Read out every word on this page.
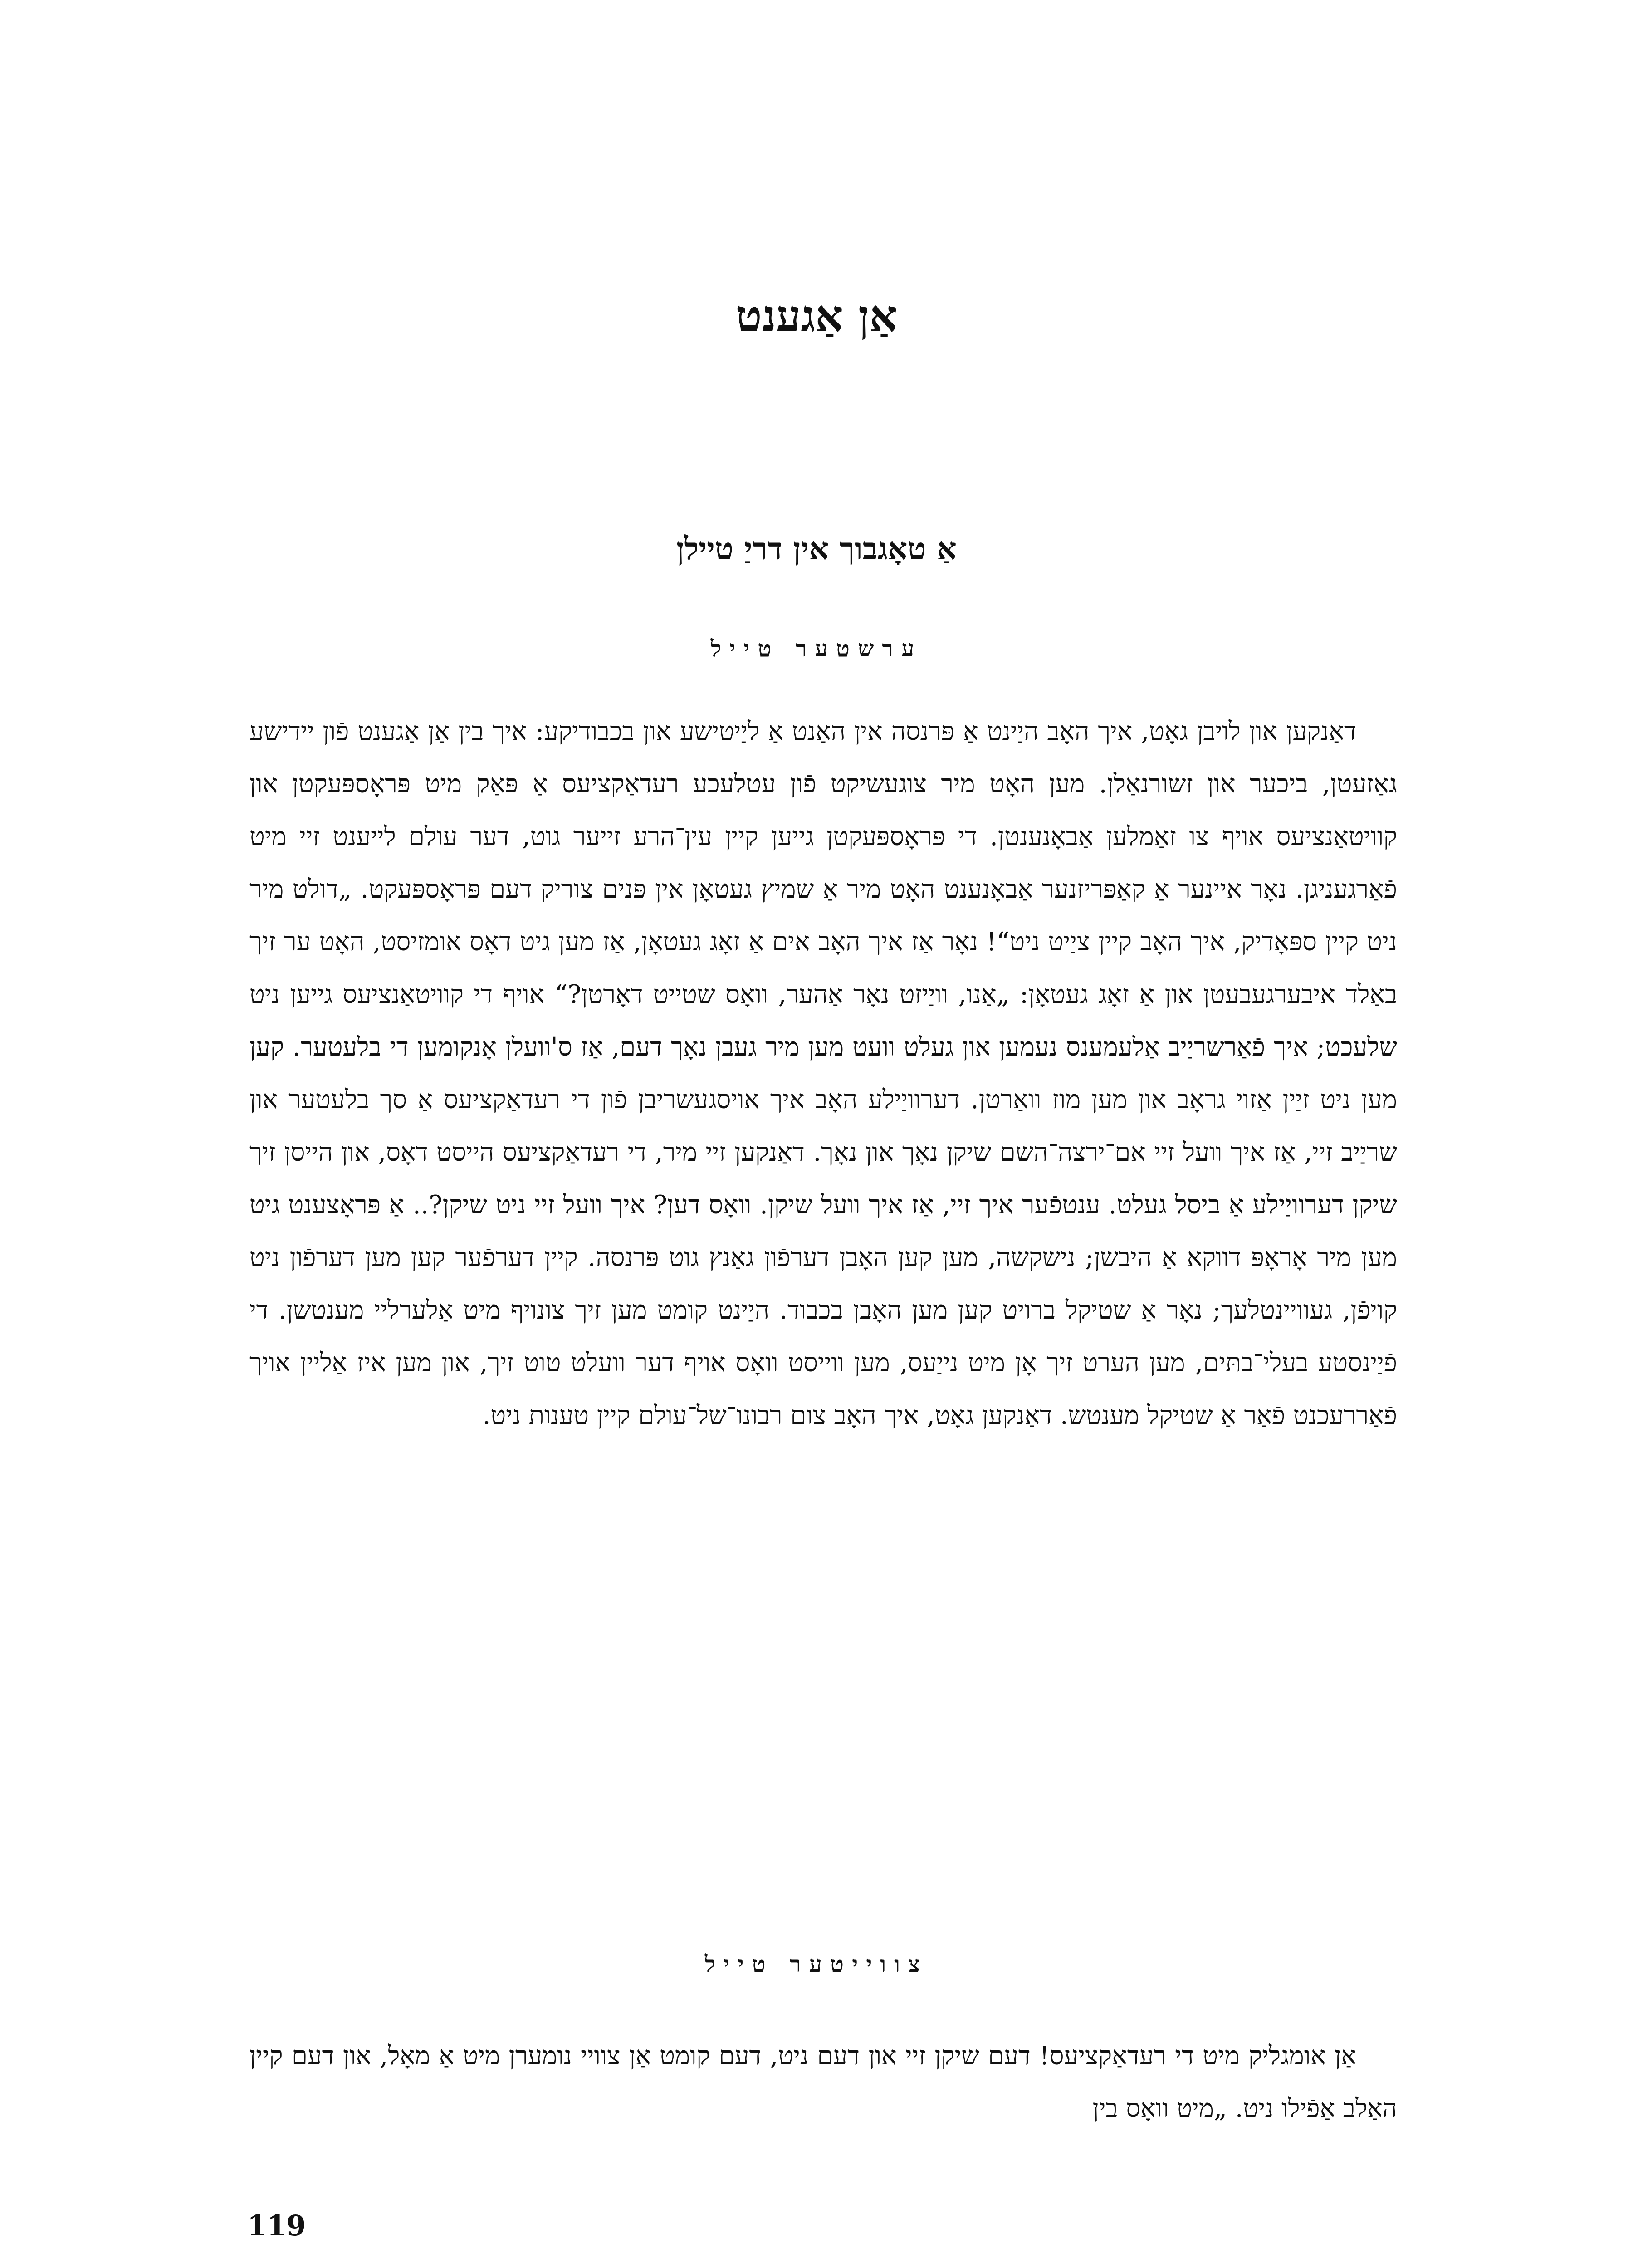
אַן אַגענט
אַ טאָגבוך אין דריַ טיילן
ערשטער טייל

דאַנקען און לויבן גאָט, איך האָב היַינט אַ פּרנסה אין האַנט אַ ליַיטישע און בכבודיקע: איך בין אַן אַגענט פֿון יידישע גאַזעטן, ביכער און זשורנאַלן. מען האָט מיר צוגעשיקט פֿון עטלעכע רעדאַקציעס אַ פּאַק מיט פּראָספּעקטן און קוויטאַנציעס אויף צו זאַמלען אַבאָנענטן. די פּראָספּעקטן גייען קיין עין־הרע זייער גוט, דער עולם לייענט זיי מיט פֿאַרגעניגן. נאָר איינער אַ קאַפּריזנער אַבאָנענט האָט מיר אַ שמיץ געטאָן אין פּנים צוריק דעם פּראָספּעקט. „דולט מיר ניט קיין ספּאָדיק, איך האָב קיין ציַיט ניט“! נאָר אַז איך האָב אים אַ זאָג געטאָן, אַז מען גיט דאָס אומזיסט, האָט ער זיך באַלד איבערגעבעטן און אַ זאָג געטאָן: „אַנו, וויַיזט נאָר אַהער, וואָס שטייט דאָרטן?“ אויף די קוויטאַנציעס גייען ניט שלעכט; איך פֿאַרשריַיב אַלעמענס נעמען און געלט וועט מען מיר געבן נאָך דעם, אַז ס'וועלן אָנקומען די בלעטער. קען מען ניט זיַין אַזוי גראָב און מען מוז וואַרטן. דערוויַילע האָב איך אויסגעשריבן פֿון די רעדאַקציעס אַ סך בלעטער און שריַיב זיי, אַז איך וועל זיי אם־ירצה־השם שיקן נאָך און נאָך. דאַנקען זיי מיר, די רעדאַקציעס הייסט דאָס, און הייסן זיך שיקן דערוויַילע אַ ביסל געלט. ענטפֿער איך זיי, אַז איך וועל שיקן. וואָס דען? איך וועל זיי ניט שיקן?.. אַ פּראָצענט גיט מען מיר אָראָפּ דווקא אַ היבשן; נישקשה, מען קען האָבן דערפֿון גאַנץ גוט פּרנסה. קיין דערפֿער קען מען דערפֿון ניט קויפֿן, געוויינטלעך; נאָר אַ שטיקל ברויט קען מען האָבן בכבוד. היַינט קומט מען זיך צונויף מיט אַלערליי מענטשן. די פֿיַינסטע בעלי־בתּים, מען הערט זיך אָן מיט נייַעס, מען ווייסט וואָס אויף דער וועלט טוט זיך, און מען איז אַליין אויך פֿאַררעכנט פֿאַר אַ שטיקל מענטש. דאַנקען גאָט, איך האָב צום רבונו־של־עולם קיין טענות ניט.

צווייטער טייל

אַן אומגליק מיט די רעדאַקציעס! דעם שיקן זיי און דעם ניט, דעם קומט אַן צוויי נומערן מיט אַ מאָל, און דעם קיין האַלב אַפֿילו ניט. „מיט וואָס בין

119
